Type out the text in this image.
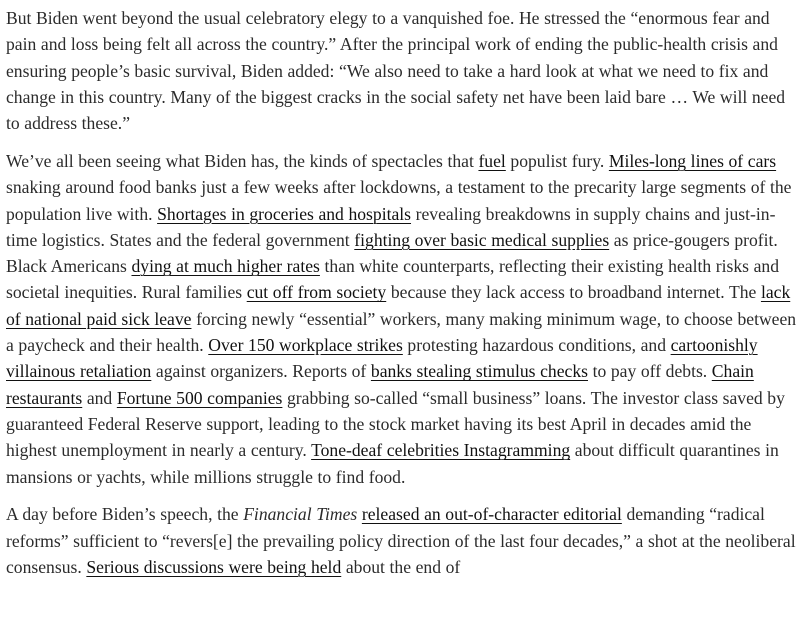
But Biden went beyond the usual celebratory elegy to a vanquished foe. He stressed the “enormous fear and pain and loss being felt all across the country.” After the principal work of ending the public-health crisis and ensuring people’s basic survival, Biden added: “We also need to take a hard look at what we need to fix and change in this country. Many of the biggest cracks in the social safety net have been laid bare … We will need to address these.”

We’ve all been seeing what Biden has, the kinds of spectacles that fuel populist fury. Miles-long lines of cars snaking around food banks just a few weeks after lockdowns, a testament to the precarity large segments of the population live with. Shortages in groceries and hospitals revealing breakdowns in supply chains and just-in-time logistics. States and the federal government fighting over basic medical supplies as price-gougers profit. Black Americans dying at much higher rates than white counterparts, reflecting their existing health risks and societal inequities. Rural families cut off from society because they lack access to broadband internet. The lack of national paid sick leave forcing newly “essential” workers, many making minimum wage, to choose between a paycheck and their health. Over 150 workplace strikes protesting hazardous conditions, and cartoonishly villainous retaliation against organizers. Reports of banks stealing stimulus checks to pay off debts. Chain restaurants and Fortune 500 companies grabbing so-called “small business” loans. The investor class saved by guaranteed Federal Reserve support, leading to the stock market having its best April in decades amid the highest unemployment in nearly a century. Tone-deaf celebrities Instagramming about difficult quarantines in mansions or yachts, while millions struggle to find food.

A day before Biden’s speech, the Financial Times released an out-of-character editorial demanding “radical reforms” sufficient to “revers[e] the prevailing policy direction of the last four decades,” a shot at the neoliberal consensus. Serious discussions were being held about the end of
